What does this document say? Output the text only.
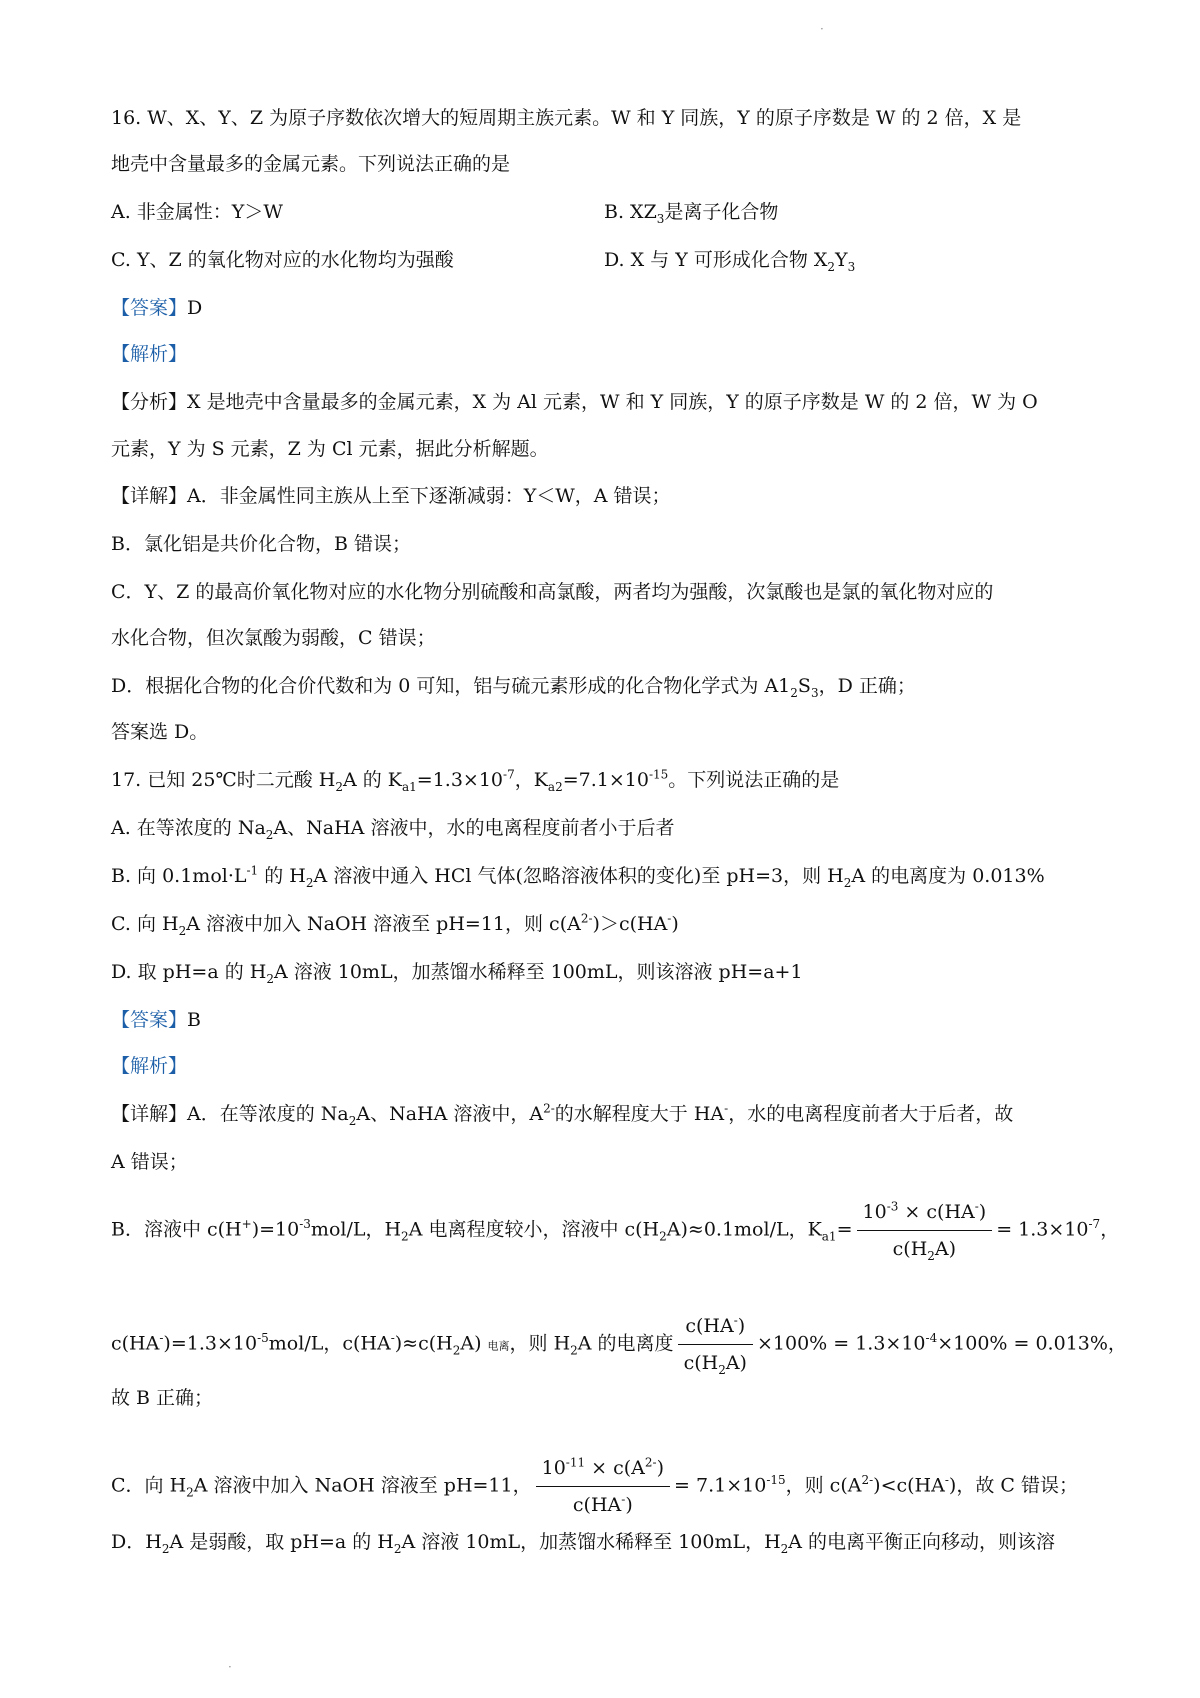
·
16. W、X、Y、Z 为原子序数依次增大的短周期主族元素。W 和 Y 同族，Y 的原子序数是 W 的 2 倍，X 是
地壳中含量最多的金属元素。下列说法正确的是
A. 非金属性：Y＞W	B. $XZ_3$是离子化合物
C. Y、Z 的氧化物对应的水化物均为强酸	D. X 与 Y 可形成化合物 $X_2Y_3$
【答案】D
【解析】
【分析】X 是地壳中含量最多的金属元素，X 为 Al 元素，W 和 Y 同族，Y 的原子序数是 W 的 2 倍，W 为 O
元素，Y 为 S 元素，Z 为 Cl 元素，据此分析解题。
【详解】A．非金属性同主族从上至下逐渐减弱：Y＜W，A 错误；
B．氯化铝是共价化合物，B 错误；
C．Y、Z 的最高价氧化物对应的水化物分别硫酸和高氯酸，两者均为强酸，次氯酸也是氯的氧化物对应的
水化合物，但次氯酸为弱酸，C 错误；
D．根据化合物的化合价代数和为 0 可知，铝与硫元素形成的化合物化学式为 $A1_2S_3$，D 正确；
答案选 D。
17. 已知 25℃时二元酸 $H_2A$ 的 $K_{a1}=1.3\times 10^{-7}$，$K_{a2}=7.1\times 10^{-15}$。下列说法正确的是
A. 在等浓度的 $Na_2A$、NaHA 溶液中，水的电离程度前者小于后者
B. 向 $0.1mol\cdot L^{-1}$ 的 $H_2A$ 溶液中通入 HCl 气体(忽略溶液体积的变化)至 pH=3，则 $H_2A$ 的电离度为 0.013%
C. 向 $H_2A$ 溶液中加入 NaOH 溶液至 pH=11，则 $c(A^{2-})>c(HA^-)$
D. 取 pH=a 的 $H_2A$ 溶液 10mL，加蒸馏水稀释至 100mL，则该溶液 pH=a+1
【答案】B
【解析】
【详解】A．在等浓度的 $Na_2A$、NaHA 溶液中，$A^{2-}$的水解程度大于 HA-，水的电离程度前者大于后者，故
A 错误；
B．溶液中 $c(H^+)=10^{-3}mol/L$，$H_2A$ 电离程度较小，溶液中 $c(H_2A)\approx 0.1mol/L$，$K_{a1}= \frac{10^{-3} \times c(HA^-)}{c(H_2A)} = 1.3\times 10^{-7}$，
$c(HA^-)=1.3\times 10^{-5}mol/L$，$c(HA^-)\approx c(H_2A)$ 电离，则 $H_2A$ 的电离度 $\frac{c(HA^-)}{c(H_2A)} \times 100\% = 1.3\times 10^{-4}\times 100\% = 0.013\%$，
故 B 正确；
C．向 $H_2A$ 溶液中加入 NaOH 溶液至 pH=11， $\frac{10^{-11} \times c(A^{2-})}{c(HA^-)} = 7.1\times 10^{-15}$，则 $c(A^{2-})<c(HA^-)$，故 C 错误；
D．$H_2A$ 是弱酸，取 pH=a 的 $H_2A$ 溶液 10mL，加蒸馏水稀释至 100mL，$H_2A$ 的电离平衡正向移动，则该溶
·
